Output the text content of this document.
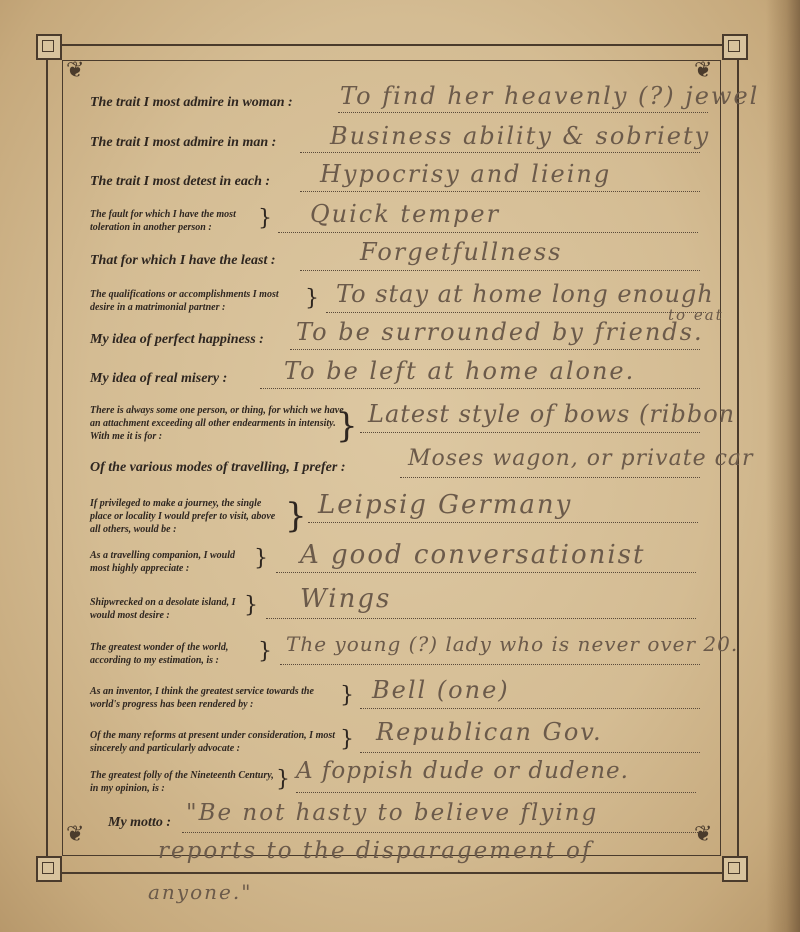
❦	❦
❦	❦
The trait I most admire in woman : To find her heavenly (?) jewel
The trait I most admire in man : Business ability & sobriety
The trait I most detest in each : Hypocrisy and lieing
The fault for which I have the most toleration in another person :	} Quick temper
That for which I have the least :	Forgetfullness
The qualifications or accomplishments I most desire in a matrimonial partner :	} To stay at home long enough
to eat
My idea of perfect happiness : To be surrounded by friends.
My idea of real misery : To be left at home alone.
There is always some one person, or thing, for which we have an attachment exceeding all other endearments in intensity. With me it is for :	} Latest style of bows (ribbon
Of the various modes of travelling, I prefer :	Moses wagon, or private car
If privileged to make a journey, the single place or locality I would prefer to visit, above all others, would be :	} Leipsig Germany
As a travelling companion, I would most highly appreciate :	} A good conversationist
Shipwrecked on a desolate island, I would most desire :	} Wings
The greatest wonder of the world, according to my estimation, is :	} The young (?) lady who is never over 20.
As an inventor, I think the greatest service towards the world's progress has been rendered by :	} Bell (one)
Of the many reforms at present under consideration, I most sincerely and particularly advocate :	} Republican Gov.
The greatest folly of the Nineteenth Century, in my opinion, is :	} A foppish dude or dudene.
My motto : "Be not hasty to believe flying
reports to the disparagement of
anyone."
